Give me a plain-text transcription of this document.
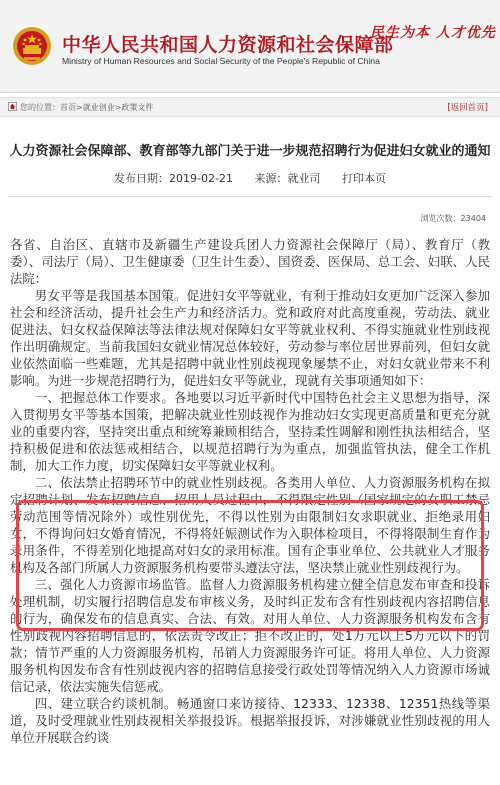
中华人民共和国人力资源和社会保障部
Ministry of Human Resources and Social Security of the People's Republic of China
民生为本 人才优先
您的位置：首页>就业创业>政策文件	[返回首页]
人力资源社会保障部、教育部等九部门关于进一步规范招聘行为促进妇女就业的通知
发布日期：2019-02-21 来源：就业司 打印本页
浏览次数：23404

各省、自治区、直辖市及新疆生产建设兵团人力资源社会保障厅（局）、教育厅（教委）、司法厅（局）、卫生健康委（卫生计生委）、国资委、医保局、总工会、妇联、人民法院：

男女平等是我国基本国策。促进妇女平等就业，有利于推动妇女更加广泛深入参加社会和经济活动，提升社会生产力和经济活力。党和政府对此高度重视，劳动法、就业促进法、妇女权益保障法等法律法规对保障妇女平等就业权利、不得实施就业性别歧视作出明确规定。当前我国妇女就业情况总体较好，劳动参与率位居世界前列，但妇女就业依然面临一些难题，尤其是招聘中就业性别歧视现象屡禁不止，对妇女就业带来不利影响。为进一步规范招聘行为，促进妇女平等就业，现就有关事项通知如下：

一、把握总体工作要求。各地要以习近平新时代中国特色社会主义思想为指导，深入贯彻男女平等基本国策，把解决就业性别歧视作为推动妇女实现更高质量和更充分就业的重要内容，坚持突出重点和统筹兼顾相结合，坚持柔性调解和刚性执法相结合，坚持积极促进和依法惩戒相结合，以规范招聘行为为重点，加强监管执法，健全工作机制，加大工作力度，切实保障妇女平等就业权利。

二、依法禁止招聘环节中的就业性别歧视。各类用人单位、人力资源服务机构在拟定招聘计划、发布招聘信息、招用人员过程中，不得限定性别（国家规定的女职工禁忌劳动范围等情况除外）或性别优先，不得以性别为由限制妇女求职就业、拒绝录用妇女，不得询问妇女婚育情况，不得将妊娠测试作为入职体检项目，不得将限制生育作为录用条件，不得差别化地提高对妇女的录用标准。国有企事业单位、公共就业人才服务机构及各部门所属人力资源服务机构要带头遵法守法，坚决禁止就业性别歧视行为。

三、强化人力资源市场监管。监督人力资源服务机构建立健全信息发布审查和投诉处理机制，切实履行招聘信息发布审核义务，及时纠正发布含有性别歧视内容招聘信息的行为，确保发布的信息真实、合法、有效。对用人单位、人力资源服务机构发布含有性别歧视内容招聘信息的，依法责令改正；拒不改正的，处1万元以上5万元以下的罚款；情节严重的人力资源服务机构，吊销人力资源服务许可证。将用人单位、人力资源服务机构因发布含有性别歧视内容的招聘信息接受行政处罚等情况纳入人力资源市场诚信记录，依法实施失信惩戒。

四、建立联合约谈机制。畅通窗口来访接待、12333、12338、12351热线等渠道，及时受理就业性别歧视相关举报投诉。根据举报投诉，对涉嫌就业性别歧视的用人单位开展联合约谈
